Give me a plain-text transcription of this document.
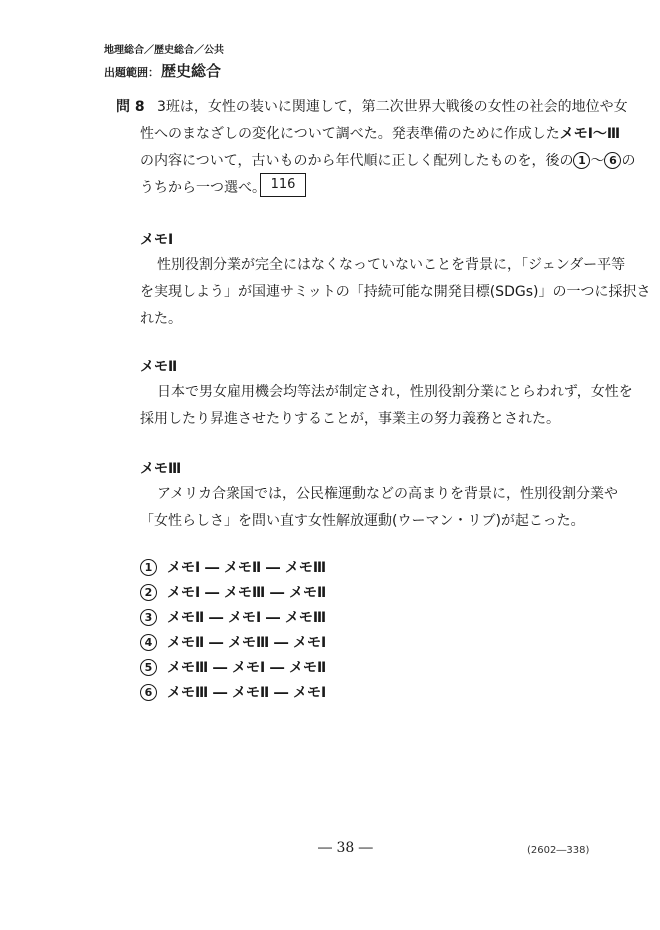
地理総合／歴史総合／公共
出題範囲： 歴史総合
問 8 3班は，女性の装いに関連して，第二次世界大戦後の女性の社会的地位や女
性へのまなざしの変化について調べた。発表準備のために作成したメモⅠ～Ⅲ
の内容について，古いものから年代順に正しく配列したものを，後の 1 ～ 6 の
うちから一つ選べ。 116
メモⅠ
性別役割分業が完全にはなくなっていないことを背景に，「ジェンダー平等
を実現しよう」が国連サミットの「持続可能な開発目標(SDGs)」の一つに採択さ
れた。
メモⅡ
日本で男女雇用機会均等法が制定され，性別役割分業にとらわれず，女性を
採用したり昇進させたりすることが，事業主の努力義務とされた。
メモⅢ
アメリカ合衆国では，公民権運動などの高まりを背景に，性別役割分業や
「女性らしさ」を問い直す女性解放運動(ウーマン・リブ)が起こった。
1 メモⅠ ― メモⅡ ― メモⅢ
2 メモⅠ ― メモⅢ ― メモⅡ
3 メモⅡ ― メモⅠ ― メモⅢ
4 メモⅡ ― メモⅢ ― メモⅠ
5 メモⅢ ― メモⅠ ― メモⅡ
6 メモⅢ ― メモⅡ ― メモⅠ
― 38 ―	(2602―338)
